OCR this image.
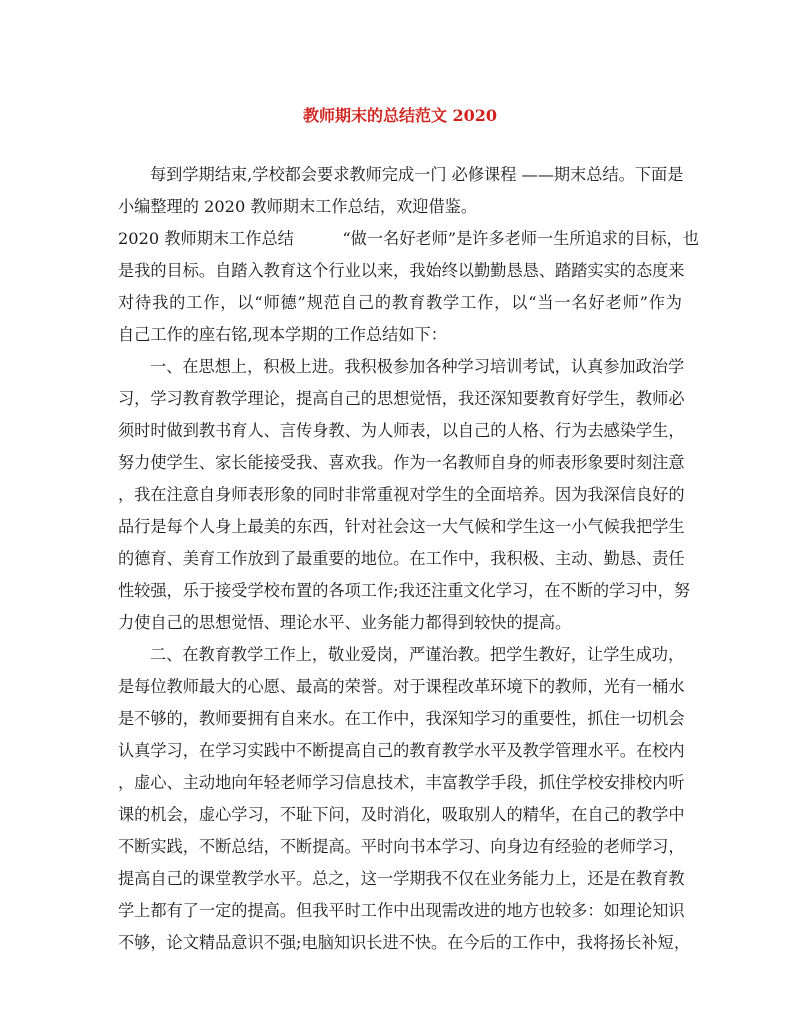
教师期末的总结范文 2020
每到学期结束,学校都会要求教师完成一门 必修课程 ——期末总结。下面是
小编整理的 2020 教师期末工作总结，欢迎借鉴。
2020 教师期末工作总结　　　“做一名好老师”是许多老师一生所追求的目标，也
是我的目标。自踏入教育这个行业以来，我始终以勤勤恳恳、踏踏实实的态度来
对待我的工作，以“师德”规范自己的教育教学工作，以“当一名好老师”作为
自己工作的座右铭,现本学期的工作总结如下：
一、在思想上，积极上进。我积极参加各种学习培训考试，认真参加政治学
习，学习教育教学理论，提高自己的思想觉悟，我还深知要教育好学生，教师必
须时时做到教书育人、言传身教、为人师表，以自己的人格、行为去感染学生，
努力使学生、家长能接受我、喜欢我。作为一名教师自身的师表形象要时刻注意
，我在注意自身师表形象的同时非常重视对学生的全面培养。因为我深信良好的
品行是每个人身上最美的东西，针对社会这一大气候和学生这一小气候我把学生
的德育、美育工作放到了最重要的地位。在工作中，我积极、主动、勤恳、责任
性较强，乐于接受学校布置的各项工作;我还注重文化学习，在不断的学习中，努
力使自己的思想觉悟、理论水平、业务能力都得到较快的提高。
二、在教育教学工作上，敬业爱岗，严谨治教。把学生教好，让学生成功，
是每位教师最大的心愿、最高的荣誉。对于课程改革环境下的教师，光有一桶水
是不够的，教师要拥有自来水。在工作中，我深知学习的重要性，抓住一切机会
认真学习，在学习实践中不断提高自己的教育教学水平及教学管理水平。在校内
，虚心、主动地向年轻老师学习信息技术，丰富教学手段，抓住学校安排校内听
课的机会，虚心学习，不耻下问，及时消化，吸取别人的精华，在自己的教学中
不断实践，不断总结，不断提高。平时向书本学习、向身边有经验的老师学习，
提高自己的课堂教学水平。总之，这一学期我不仅在业务能力上，还是在教育教
学上都有了一定的提高。但我平时工作中出现需改进的地方也较多：如理论知识
不够，论文精品意识不强;电脑知识长进不快。在今后的工作中，我将扬长补短，
